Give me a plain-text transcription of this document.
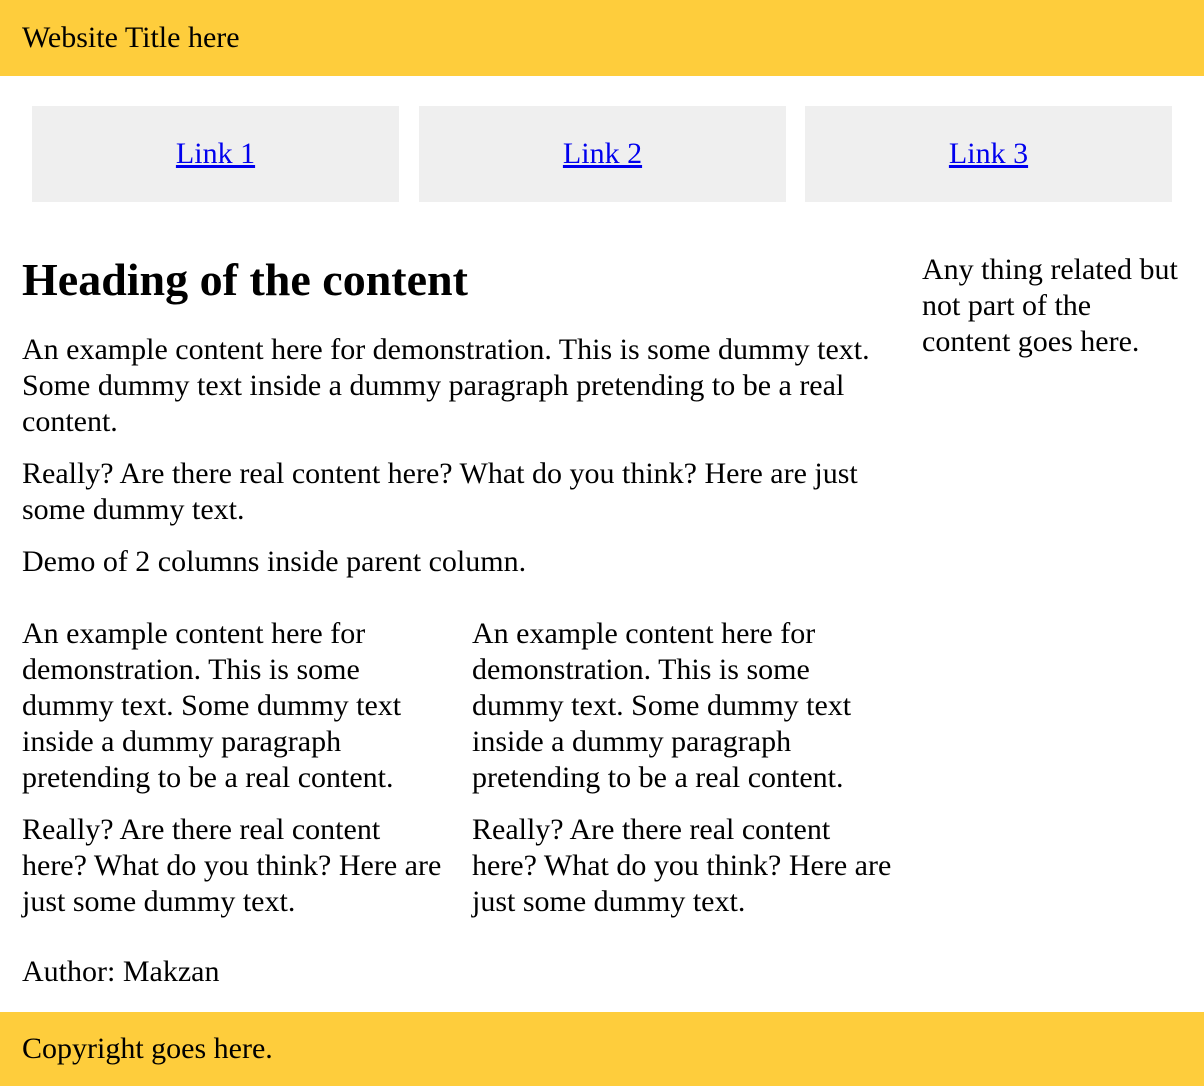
Website Title here
Link 1	Link 2	Link 3
Heading of the content

An example content here for demonstration. This is some dummy text. Some dummy text inside a dummy paragraph pretending to be a real content.

Really? Are there real content here? What do you think? Here are just some dummy text.

Demo of 2 columns inside parent column.

An example content here for demonstration. This is some dummy text. Some dummy text inside a dummy paragraph pretending to be a real content.

Really? Are there real content here? What do you think? Here are just some dummy text.

An example content here for demonstration. This is some dummy text. Some dummy text inside a dummy paragraph pretending to be a real content.

Really? Are there real content here? What do you think? Here are just some dummy text.

Author: Makzan
Any thing related but not part of the content goes here.
Copyright goes here.
